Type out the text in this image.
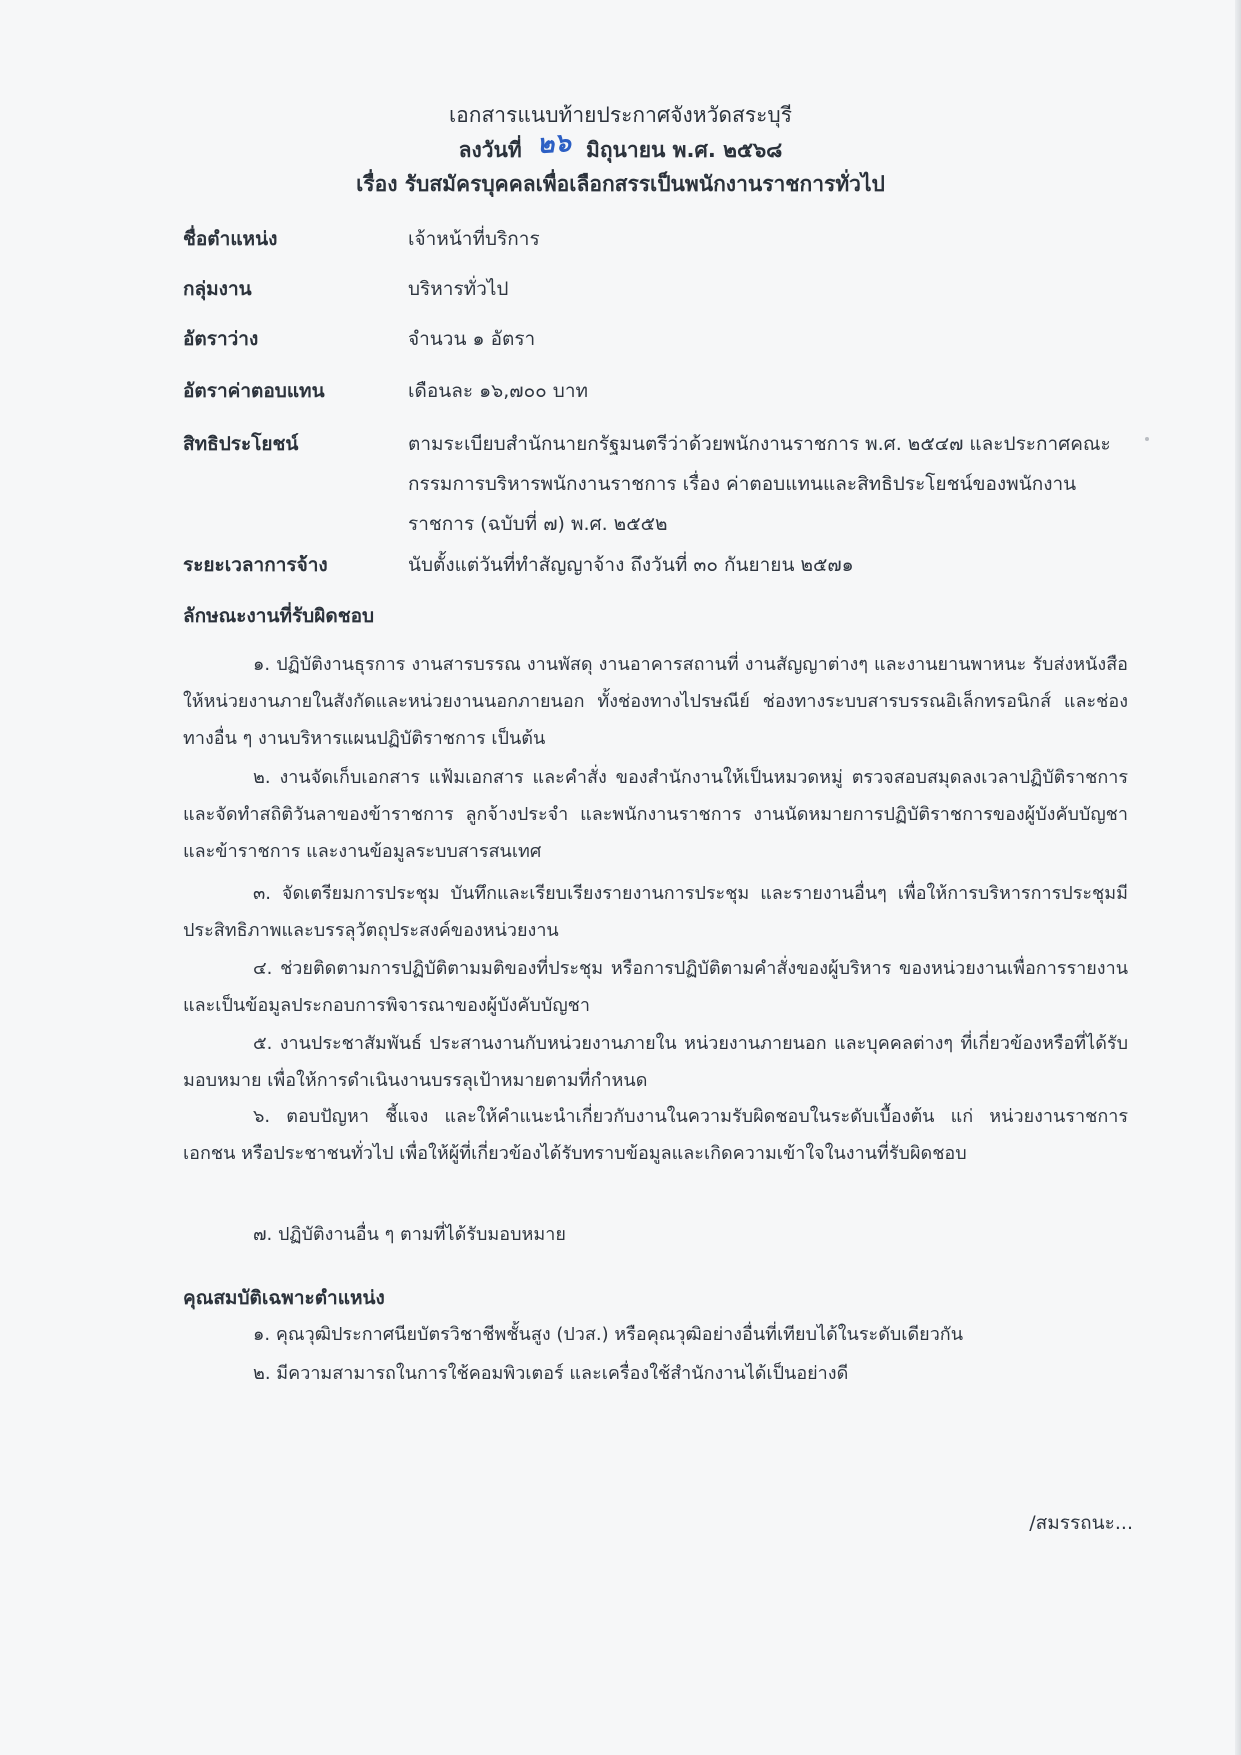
เอกสารแนบท้ายประกาศจังหวัดสระบุรี
ลงวันที่ ๒๖ มิถุนายน พ.ศ. ๒๕๖๘
เรื่อง รับสมัครบุคคลเพื่อเลือกสรรเป็นพนักงานราชการทั่วไป
ชื่อตำแหน่ง	เจ้าหน้าที่บริการ
กลุ่มงาน	บริหารทั่วไป
อัตราว่าง	จำนวน ๑ อัตรา
อัตราค่าตอบแทน	เดือนละ ๑๖,๗๐๐ บาท
สิทธิประโยชน์	ตามระเบียบสำนักนายกรัฐมนตรีว่าด้วยพนักงานราชการ พ.ศ. ๒๕๔๗ และประกาศคณะกรรมการบริหารพนักงานราชการ เรื่อง ค่าตอบแทนและสิทธิประโยชน์ของพนักงานราชการ (ฉบับที่ ๗) พ.ศ. ๒๕๕๒
ระยะเวลาการจ้าง	นับตั้งแต่วันที่ทำสัญญาจ้าง ถึงวันที่ ๓๐ กันยายน ๒๕๗๑
ลักษณะงานที่รับผิดชอบ
๑. ปฏิบัติงานธุรการ งานสารบรรณ งานพัสดุ งานอาคารสถานที่ งานสัญญาต่างๆ และงานยานพาหนะ รับส่งหนังสือให้หน่วยงานภายในสังกัดและหน่วยงานนอกภายนอก ทั้งช่องทางไปรษณีย์ ช่องทางระบบสารบรรณอิเล็กทรอนิกส์ และช่องทางอื่น ๆ งานบริหารแผนปฏิบัติราชการ เป็นต้น
๒. งานจัดเก็บเอกสาร แฟ้มเอกสาร และคำสั่ง ของสำนักงานให้เป็นหมวดหมู่ ตรวจสอบสมุดลงเวลาปฏิบัติราชการ และจัดทำสถิติวันลาของข้าราชการ ลูกจ้างประจำ และพนักงานราชการ งานนัดหมายการปฏิบัติราชการของผู้บังคับบัญชาและข้าราชการ และงานข้อมูลระบบสารสนเทศ
๓. จัดเตรียมการประชุม บันทึกและเรียบเรียงรายงานการประชุม และรายงานอื่นๆ เพื่อให้การบริหารการประชุมมีประสิทธิภาพและบรรลุวัตถุประสงค์ของหน่วยงาน
๔. ช่วยติดตามการปฏิบัติตามมติของที่ประชุม หรือการปฏิบัติตามคำสั่งของผู้บริหาร ของหน่วยงานเพื่อการรายงานและเป็นข้อมูลประกอบการพิจารณาของผู้บังคับบัญชา
๕. งานประชาสัมพันธ์ ประสานงานกับหน่วยงานภายใน หน่วยงานภายนอก และบุคคลต่างๆ ที่เกี่ยวข้องหรือที่ได้รับมอบหมาย เพื่อให้การดำเนินงานบรรลุเป้าหมายตามที่กำหนด
๖. ตอบปัญหา ชี้แจง และให้คำแนะนำเกี่ยวกับงานในความรับผิดชอบในระดับเบื้องต้น แก่ หน่วยงานราชการ เอกชน หรือประชาชนทั่วไป เพื่อให้ผู้ที่เกี่ยวข้องได้รับทราบข้อมูลและเกิดความเข้าใจในงานที่รับผิดชอบ
๗. ปฏิบัติงานอื่น ๆ ตามที่ได้รับมอบหมาย
คุณสมบัติเฉพาะตำแหน่ง
๑. คุณวุฒิประกาศนียบัตรวิชาชีพชั้นสูง (ปวส.) หรือคุณวุฒิอย่างอื่นที่เทียบได้ในระดับเดียวกัน
๒. มีความสามารถในการใช้คอมพิวเตอร์ และเครื่องใช้สำนักงานได้เป็นอย่างดี
/สมรรถนะ...
